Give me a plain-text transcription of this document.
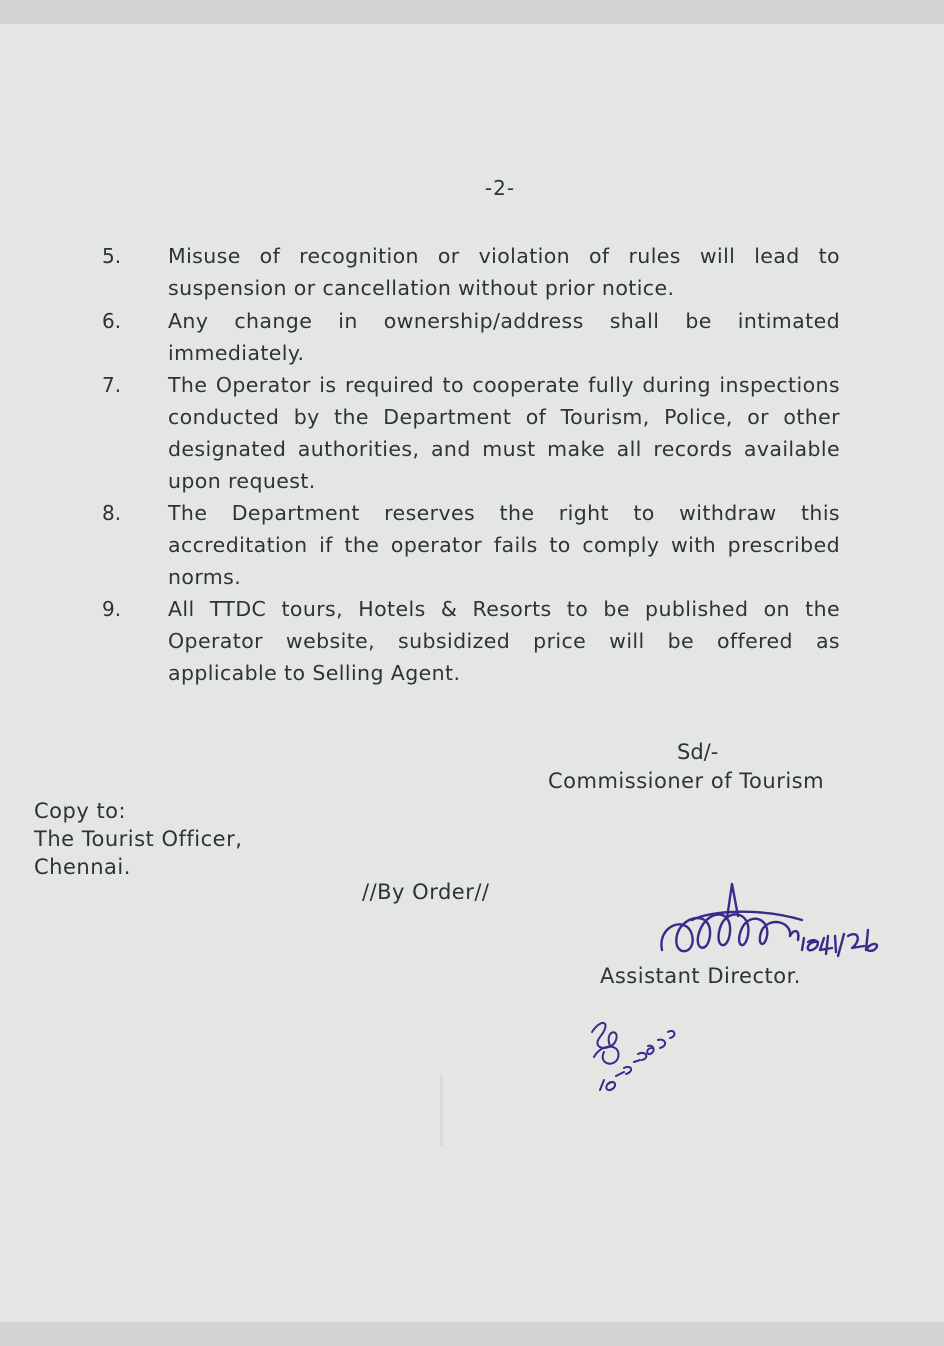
-2-
5. Misuse of recognition or violation of rules will lead to suspension or cancellation without prior notice.
6. Any change in ownership/address shall be intimated immediately.
7. The Operator is required to cooperate fully during inspections conducted by the Department of Tourism, Police, or other designated authorities, and must make all records available upon request.
8. The Department reserves the right to withdraw this accreditation if the operator fails to comply with prescribed norms.
9. All TTDC tours, Hotels & Resorts to be published on the Operator website, subsidized price will be offered as applicable to Selling Agent.
Sd/-
Commissioner of Tourism
Copy to:
The Tourist Officer,
Chennai.
//By Order//	18/4/26
Assistant Director.
10/4/2026
